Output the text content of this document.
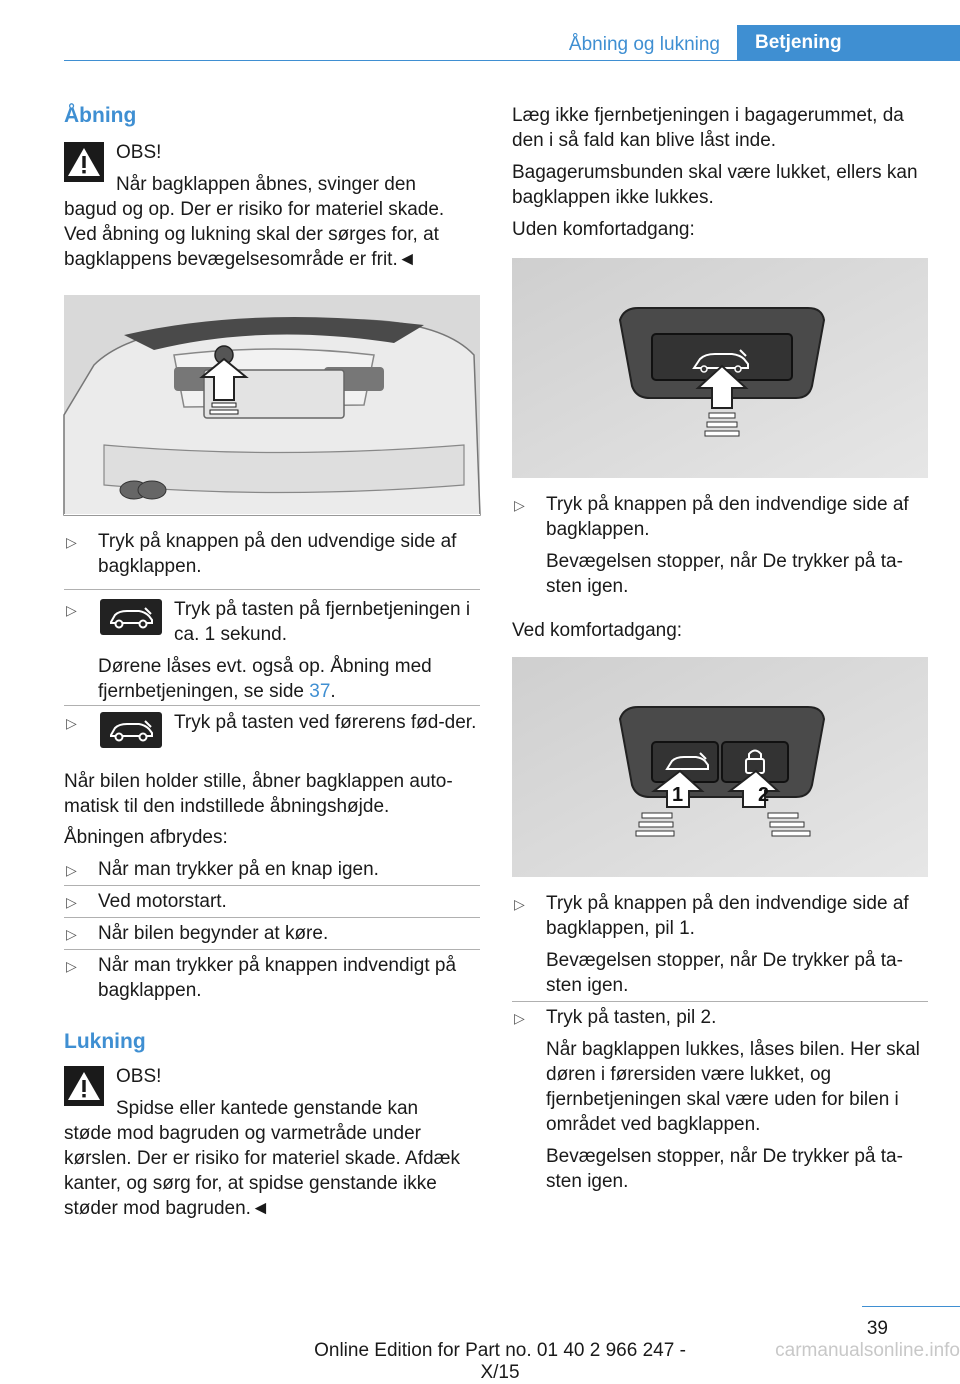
Åbning og lukning	Betjening
Åbning

OBS!

Når bagklappen åbnes, svinger den

bagud og op. Der er risiko for materiel skade. Ved åbning og lukning skal der sørges for, at bagklappens bevægelsesområde er frit.◄

▷	Tryk på knappen på den udvendige side af bagklappen.

▷	Tryk på tasten på fjernbetjeningen i ca. 1 sekund.

Dørene låses evt. også op. Åbning med fjernbetjeningen, se side 37.

▷	Tryk på tasten ved førerens fød-der.

Når bilen holder stille, åbner bagklappen auto-matisk til den indstillede åbningshøjde.

Åbningen afbrydes:

▷	Når man trykker på en knap igen.

▷	Ved motorstart.

▷	Når bilen begynder at køre.

▷	Når man trykker på knappen indvendigt på bagklappen.

Lukning

OBS!

Spidse eller kantede genstande kan

støde mod bagruden og varmetråde under kørslen. Der er risiko for materiel skade. Afdæk kanter, og sørg for, at spidse genstande ikke støder mod bagruden.◄

Læg ikke fjernbetjeningen i bagagerummet, da den i så fald kan blive låst inde.

Bagagerumsbunden skal være lukket, ellers kan bagklappen ikke lukkes.

Uden komfortadgang:

▷	Tryk på knappen på den indvendige side af bagklappen.

Bevægelsen stopper, når De trykker på ta-sten igen.

Ved komfortadgang:

1	2
▷	Tryk på knappen på den indvendige side af bagklappen, pil 1.

Bevægelsen stopper, når De trykker på ta-sten igen.

▷	Tryk på tasten, pil 2.

Når bagklappen lukkes, låses bilen. Her skal døren i førersiden være lukket, og fjernbetjeningen skal være uden for bilen i området ved bagklappen.

Bevægelsen stopper, når De trykker på ta-sten igen.

39
Online Edition for Part no. 01 40 2 966 247 - X/15
carmanualsonline.info
